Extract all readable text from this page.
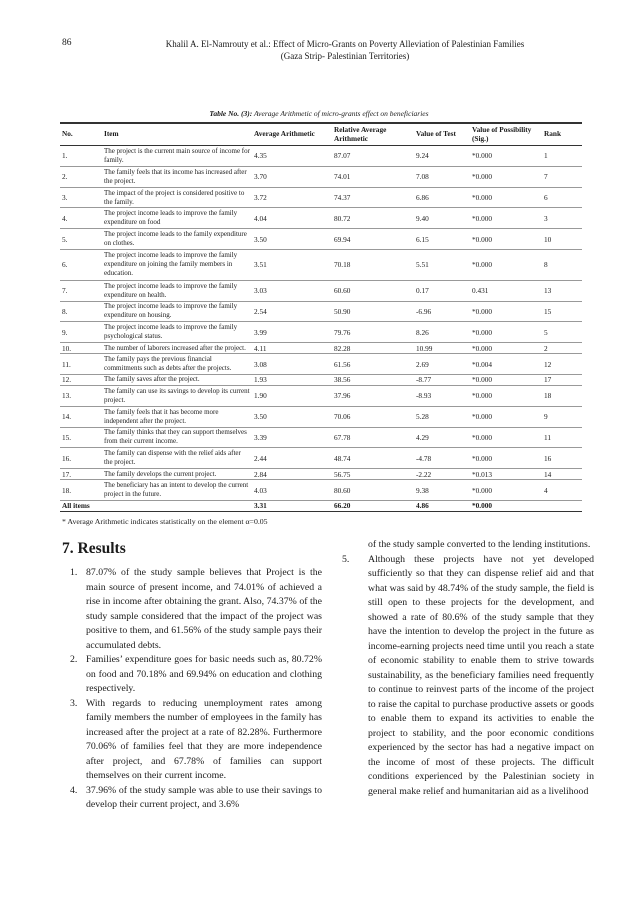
86	Khalil A. El-Namrouty et al.: Effect of Micro-Grants on Poverty Alleviation of Palestinian Families
(Gaza Strip- Palestinian Territories)
Table No. (3): Average Arithmetic of micro-grants effect on beneficiaries
No.	Item	Average Arithmetic	Relative Average Arithmetic	Value of Test	Value of Possibility (Sig.)	Rank
1.	The project is the current main source of income for family.	4.35	87.07	9.24	*0.000	1
2.	The family feels that its income has increased after the project.	3.70	74.01	7.08	*0.000	7
3.	The impact of the project is considered positive to the family.	3.72	74.37	6.86	*0.000	6
4.	The project income leads to improve the family expenditure on food	4.04	80.72	9.40	*0.000	3
5.	The project income leads to the family expenditure on clothes.	3.50	69.94	6.15	*0.000	10
6.	The project income leads to improve the family expenditure on joining the family members in education.	3.51	70.18	5.51	*0.000	8
7.	The project income leads to improve the family expenditure on health.	3.03	60.60	0.17	0.431	13
8.	The project income leads to improve the family expenditure on housing.	2.54	50.90	-6.96	*0.000	15
9.	The project income leads to improve the family psychological status.	3.99	79.76	8.26	*0.000	5
10.	The number of laborers increased after the project.	4.11	82.28	10.99	*0.000	2
11.	The family pays the previous financial commitments such as debts after the projects.	3.08	61.56	2.69	*0.004	12
12.	The family saves after the project.	1.93	38.56	-8.77	*0.000	17
13.	The family can use its savings to develop its current project.	1.90	37.96	-8.93	*0.000	18
14.	The family feels that it has become more independent after the project.	3.50	70.06	5.28	*0.000	9
15.	The family thinks that they can support themselves from their current income.	3.39	67.78	4.29	*0.000	11
16.	The family can dispense with the relief aids after the project.	2.44	48.74	-4.78	*0.000	16
17.	The family develops the current project.	2.84	56.75	-2.22	*0.013	14
18.	The beneficiary has an intent to develop the current project in the future.	4.03	80.60	9.38	*0.000	4
All items		3.31	66.20	4.86	*0.000	
* Average Arithmetic indicates statistically on the element α=0.05
7. Results
1. 87.07% of the study sample believes that Project is the main source of present income, and 74.01% of achieved a rise in income after obtaining the grant. Also, 74.37% of the study sample considered that the impact of the project was positive to them, and 61.56% of the study sample pays their accumulated debts.
2. Families’ expenditure goes for basic needs such as, 80.72% on food and 70.18% and 69.94% on education and clothing respectively.
3. With regards to reducing unemployment rates among family members the number of employees in the family has increased after the project at a rate of 82.28%. Furthermore 70.06% of families feel that they are more independence after project, and 67.78% of families can support themselves on their current income.
4. 37.96% of the study sample was able to use their savings to develop their current project, and 3.6%
of the study sample converted to the lending institutions.
5. Although these projects have not yet developed sufficiently so that they can dispense relief aid and that what was said by 48.74% of the study sample, the field is still open to these projects for the development, and showed a rate of 80.6% of the study sample that they have the intention to develop the project in the future as income-earning projects need time until you reach a state of economic stability to enable them to strive towards sustainability, as the beneficiary families need frequently to continue to reinvest parts of the income of the project to raise the capital to purchase productive assets or goods to enable them to expand its activities to enable the project to stability, and the poor economic conditions experienced by the sector has had a negative impact on the income of most of these projects. The difficult conditions experienced by the Palestinian society in general make relief and humanitarian aid as a livelihood
